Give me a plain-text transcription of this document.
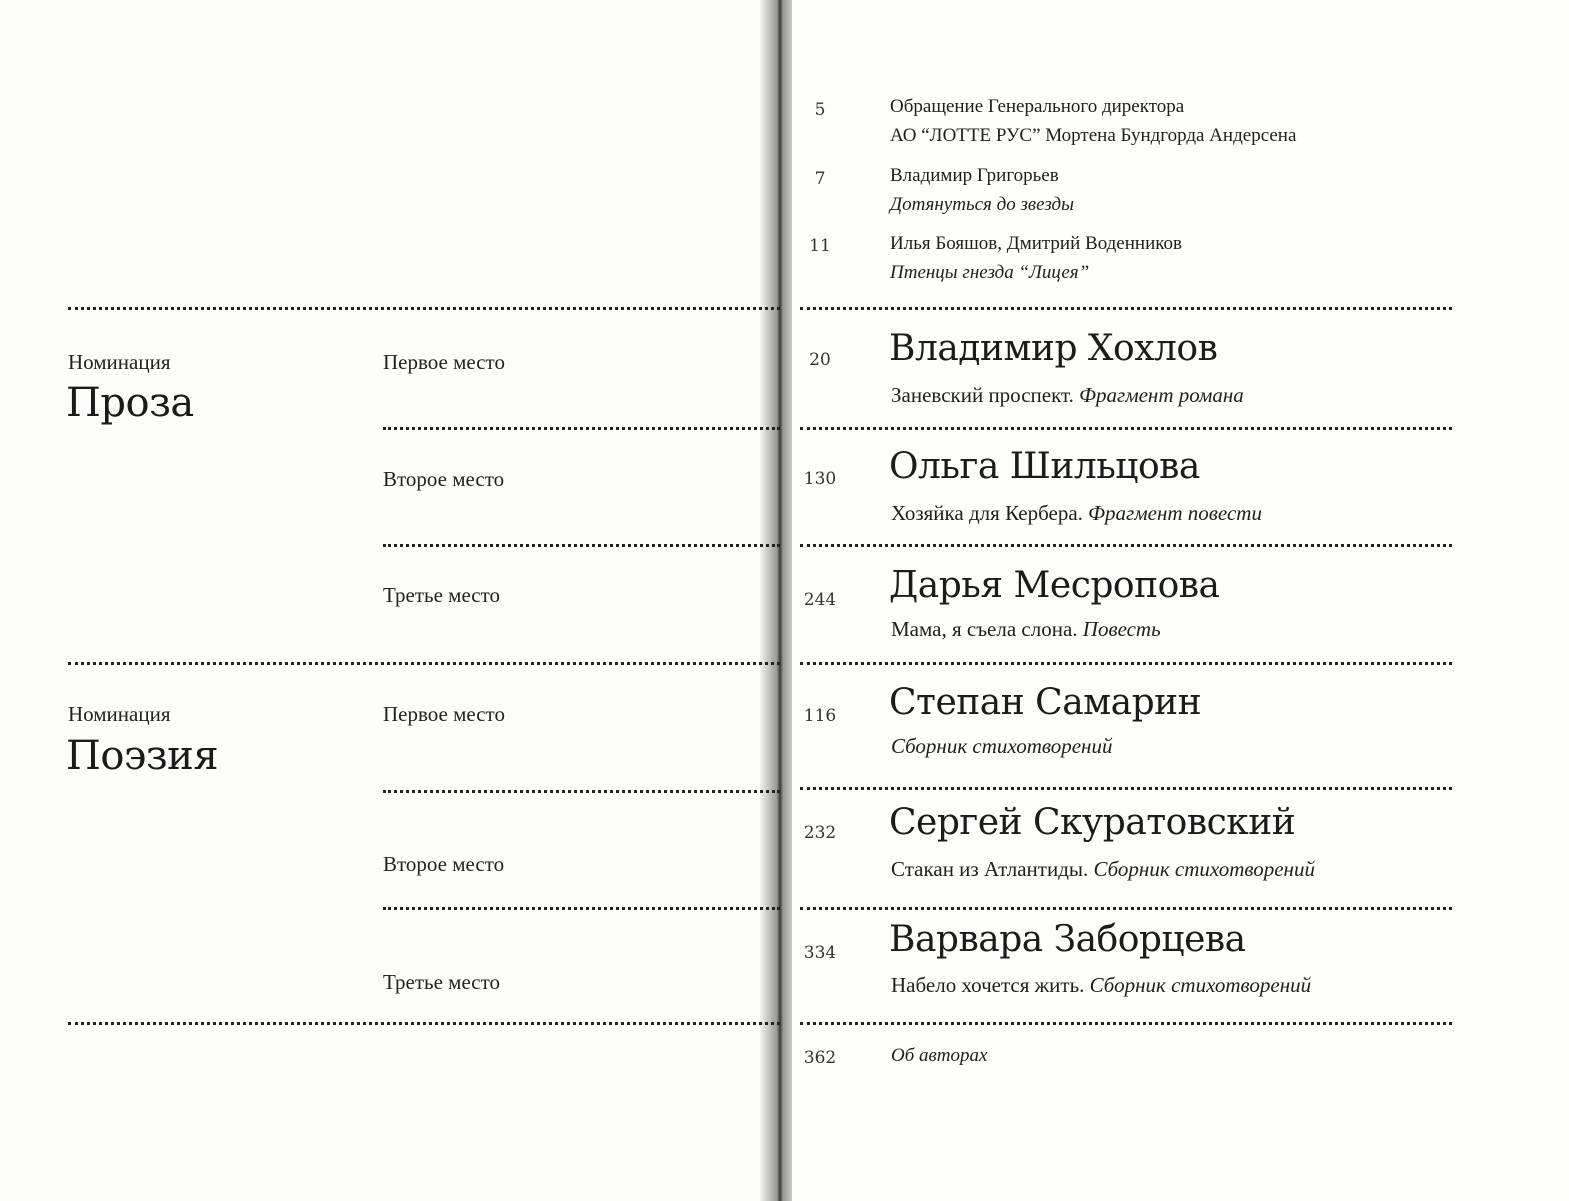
Номинация
Проза
Первое место
Второе место
Третье место
Номинация
Поэзия
Первое место
Второе место
Третье место
5	Обращение Генерального директора
АО “ЛОТТЕ РУС” Мортена Бундгорда Андерсена
7	Владимир Григорьев
Дотянуться до звезды
11	Илья Бояшов, Дмитрий Воденников
Птенцы гнезда “Лицея”
20 Владимир Хохлов
Заневский проспект. Фрагмент романа
130 Ольга Шильцова
Хозяйка для Кербера. Фрагмент повести
244 Дарья Месропова
Мама, я съела слона. Повесть
116 Степан Самарин
Сборник стихотворений
232 Сергей Скуратовский
Стакан из Атлантиды. Сборник стихотворений
334 Варвара Заборцева
Набело хочется жить. Сборник стихотворений
362	Об авторах
